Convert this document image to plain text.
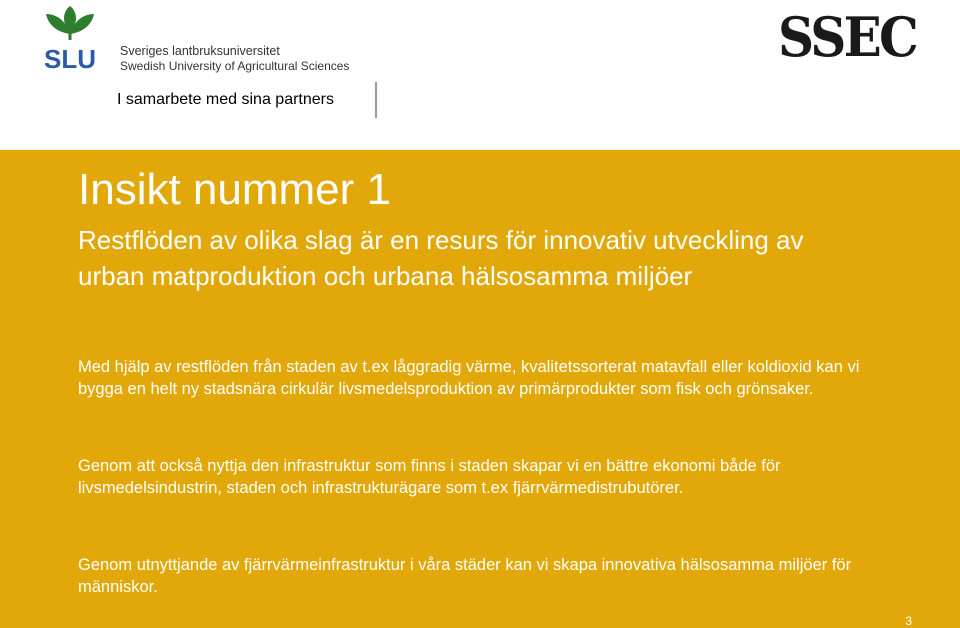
SLU Sveriges lantbruksuniversitet
Swedish University of Agricultural Sciences
I samarbete med sina partners
SSEC
Insikt nummer 1

Restflöden av olika slag är en resurs för innovativ utveckling av urban matproduktion och urbana hälsosamma miljöer

Med hjälp av restflöden från staden av t.ex låggradig värme, kvalitetssorterat matavfall eller koldioxid kan vi bygga en helt ny stadsnära cirkulär livsmedelsproduktion av primärprodukter som fisk och grönsaker.

Genom att också nyttja den infrastruktur som finns i staden skapar vi en bättre ekonomi både för livsmedelsindustrin, staden och infrastrukturägare som t.ex fjärrvärmedistrubutörer.

Genom utnyttjande av fjärrvärmeinfrastruktur i våra städer kan vi skapa innovativa hälsosamma miljöer för människor.

3
